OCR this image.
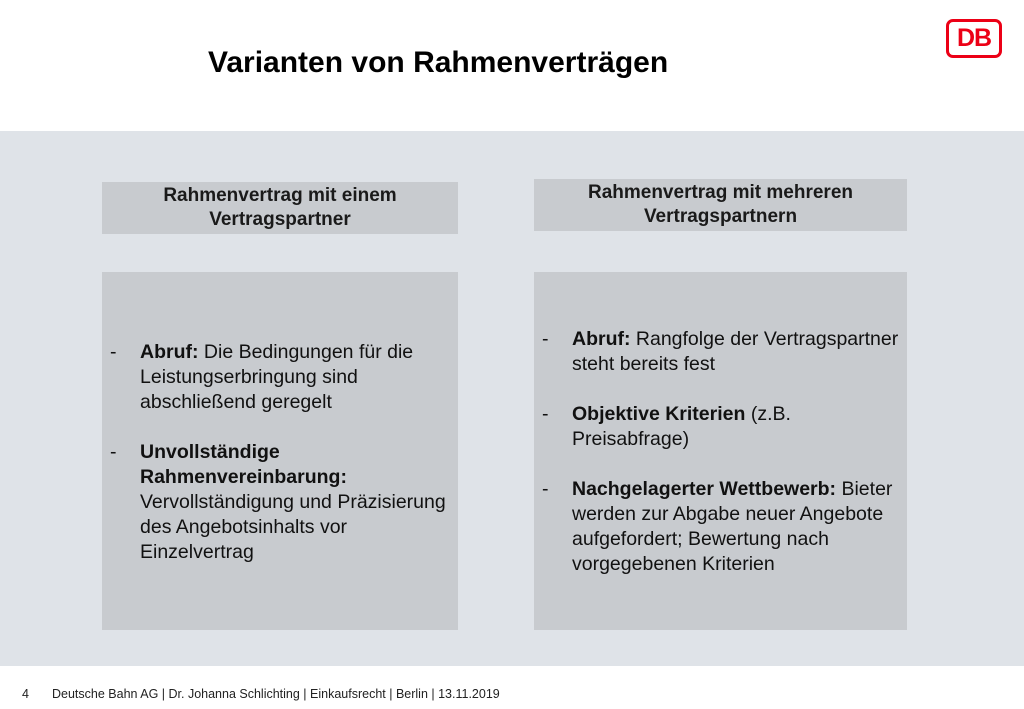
Varianten von Rahmenverträgen
DB
Rahmenvertrag mit einem Vertragspartner
Rahmenvertrag mit mehreren Vertragspartnern
- Abruf: Die Bedingungen für die Leistungserbringung sind abschließend geregelt
- Unvollständige Rahmenvereinbarung: Vervollständigung und Präzisierung des Angebotsinhalts vor Einzelvertrag
- Abruf: Rangfolge der Vertragspartner steht bereits fest
- Objektive Kriterien (z.B. Preisabfrage)
- Nachgelagerter Wettbewerb: Bieter werden zur Abgabe neuer Angebote aufgefordert; Bewertung nach vorgegebenen Kriterien
4 Deutsche Bahn AG | Dr. Johanna Schlichting | Einkaufsrecht | Berlin | 13.11.2019
